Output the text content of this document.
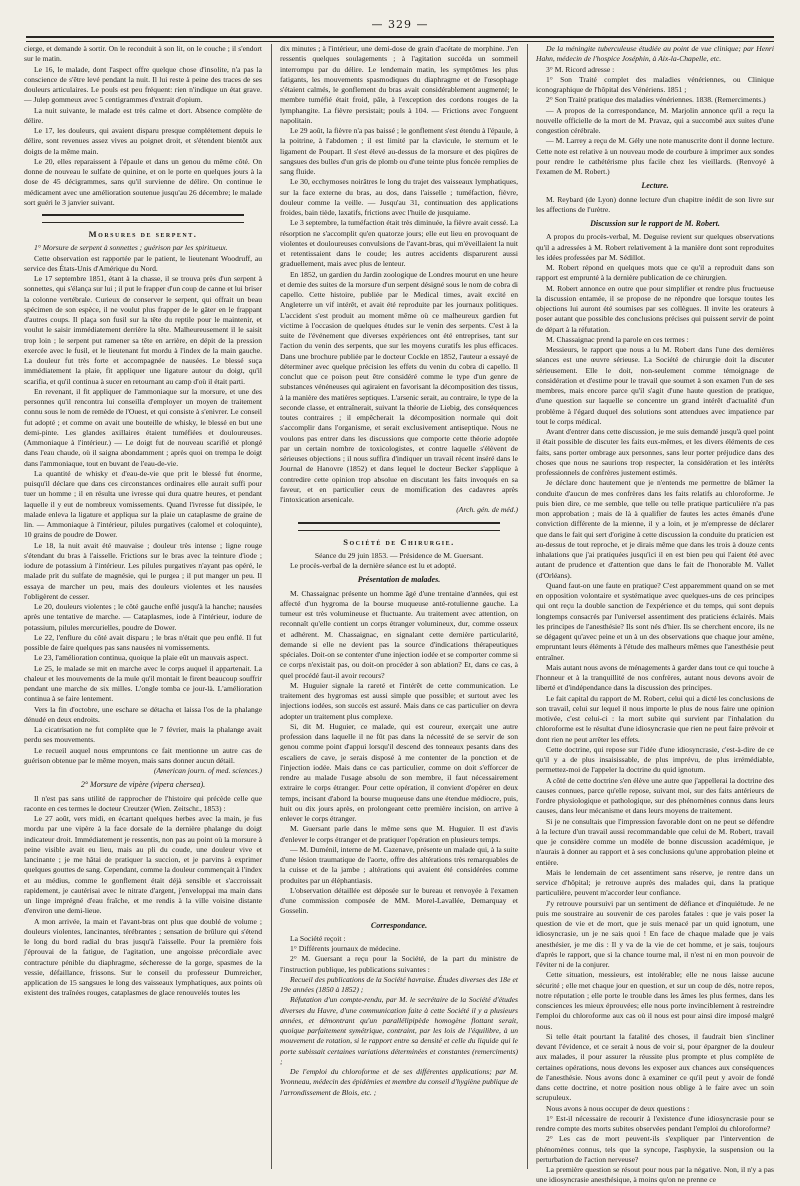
— 329 —

cierge, et demande à sortir. On le reconduit à son lit, on le couche ; il s'endort sur le matin.

Le 16, le malade, dont l'aspect offre quelque chose d'insolite, n'a pas la conscience de s'être levé pendant la nuit. Il lui reste à peine des traces de ses douleurs articulaires. Le pouls est peu fréquent: rien n'indique un état grave. — Julep gommeux avec 5 centigrammes d'extrait d'opium.

La nuit suivante, le malade est très calme et dort. Absence complète de délire.

Le 17, les douleurs, qui avaient disparu presque complétement depuis le délire, sont revenues assez vives au poignet droit, et s'étendent bientôt aux doigts de la même main.

Le 20, elles reparaissent à l'épaule et dans un genou du même côté. On donne de nouveau le sulfate de quinine, et on le porte en quelques jours à la dose de 45 décigrammes, sans qu'il survienne de délire. On continue le médicament avec une amélioration soutenue jusqu'au 26 décembre; le malade sort guéri le 3 janvier suivant.

Morsures de serpent.

1° Morsure de serpent à sonnettes ; guérison par les spiritueux.

Cette observation est rapportée par le patient, le lieutenant Woodruff, au service des États-Unis d'Amérique du Nord.

Le 17 septembre 1851, étant à la chasse, il se trouva près d'un serpent à sonnettes, qui s'élança sur lui ; il put le frapper d'un coup de canne et lui briser la colonne vertébrale. Curieux de conserver le serpent, qui offrait un beau spécimen de son espèce, il ne voulut plus frapper de le gâter en le frappant d'autres coups. Il plaça son fusil sur la tête du reptile pour le maintenir, et voulut le saisir immédiatement derrière la tête. Malheureusement il le saisit trop loin ; le serpent put ramener sa tête en arrière, en dépit de la pression exercée avec le fusil, et le lieutenant fut mordu à l'index de la main gauche. La douleur fut très forte et accompagnée de nausées. Le blessé suça immédiatement la plaie, fit appliquer une ligature autour du doigt, qu'il scarifia, et qu'il continua à sucer en retournant au camp d'où il était parti.

En revenant, il fit appliquer de l'ammoniaque sur la morsure, et une des personnes qu'il rencontra lui conseilla d'employer un moyen de traitement connu sous le nom de remède de l'Ouest, et qui consiste à s'enivrer. Le conseil fut adopté ; et comme on avait une bouteille de whisky, le blessé en but une demi-pinte. Les glandes axillaires étaient tuméfiées et douloureuses. (Ammoniaque à l'intérieur.) — Le doigt fut de nouveau scarifié et plongé dans l'eau chaude, où il saigna abondamment ; après quoi on trempa le doigt dans l'ammoniaque, tout en buvant de l'eau-de-vie.

La quantité de whisky et d'eau-de-vie que prit le blessé fut énorme, puisqu'il déclare que dans ces circonstances ordinaires elle aurait suffi pour tuer un homme ; il en résulta une ivresse qui dura quatre heures, et pendant laquelle il y eut de nombreux vomissements. Quand l'ivresse fut dissipée, le malade enleva la ligature et appliqua sur la plaie un cataplasme de graine de lin. — Ammoniaque à l'intérieur, pilules purgatives (calomel et coloquinte), 10 grains de poudre de Dower.

Le 18, la nuit avait été mauvaise ; douleur très intense ; ligne rouge s'étendant du bras à l'aisselle. Frictions sur le bras avec la teinture d'iode ; iodure de potassium à l'intérieur. Les pilules purgatives n'ayant pas opéré, le malade prit du sulfate de magnésie, qui le purgea ; il put manger un peu. Il essaya de marcher un peu, mais des douleurs violentes et les nausées l'obligèrent de cesser.

Le 20, douleurs violentes ; le côté gauche enflé jusqu'à la hanche; nausées après une tentative de marche. — Cataplasmes, iode à l'intérieur, iodure de potassium, pilules mercurielles, poudre de Dower.

Le 22, l'enflure du côté avait disparu ; le bras n'était que peu enflé. Il fut possible de faire quelques pas sans nausées ni vomissements.

Le 23, l'amélioration continua, quoique la plaie eût un mauvais aspect.

Le 25, le malade se mit en marche avec le corps auquel il appartenait. La chaleur et les mouvements de la mule qu'il montait le firent beaucoup souffrir pendant une marche de six milles. L'ongle tomba ce jour-là. L'amélioration continua à se faire lentement.

Vers la fin d'octobre, une eschare se détacha et laissa l'os de la phalange dénudé en deux endroits.

La cicatrisation ne fut complète que le 7 février, mais la phalange avait perdu ses mouvements.

Le recueil auquel nous empruntons ce fait mentionne un autre cas de guérison obtenue par le même moyen, mais sans donner aucun détail.

(American journ. of med. sciences.)
2° Morsure de vipère (vipera chersea).

Il n'est pas sans utilité de rapprocher de l'histoire qui précède celle que raconte en ces termes le docteur Creutzer (Wien. Zeitschr., 1853) :

Le 27 août, vers midi, en écartant quelques herbes avec la main, je fus mordu par une vipère à la face dorsale de la dernière phalange du doigt indicateur droit. Immédiatement je ressentis, non pas au point où la morsure à peine visible avait eu lieu, mais au pli du coude, une douleur vive et lancinante ; je me hâtai de pratiquer la succion, et je parvins à exprimer quelques gouttes de sang. Cependant, comme la douleur commençait à l'index et au médius, comme le gonflement était déjà sensible et s'accroissait rapidement, je cautérisai avec le nitrate d'argent, j'enveloppai ma main dans un linge imprégné d'eau fraîche, et me rendis à la ville voisine distante d'environ une demi-lieue.

A mon arrivée, la main et l'avant-bras ont plus que doublé de volume ; douleurs violentes, lancinantes, térébrantes ; sensation de brûlure qui s'étend le long du bord radial du bras jusqu'à l'aisselle. Pour la première fois j'éprouvai de la fatigue, de l'agitation, une angoisse précordiale avec contracture pénible du diaphragme, sécheresse de la gorge, spasmes de la vessie, défaillance, frissons. Sur le conseil du professeur Dumreicher, application de 15 sangsues le long des vaisseaux lymphatiques, aux points où existent des traînées rouges, cataplasmes de glace renouvelés toutes les

dix minutes ; à l'intérieur, une demi-dose de grain d'acétate de morphine. J'en ressentis quelques soulagements ; à l'agitation succéda un sommeil interrompu par du délire. Le lendemain matin, les symptômes les plus fatigants, les mouvements spasmodiques du diaphragme et de l'œsophage s'étaient calmés, le gonflement du bras avait considérablement augmenté; le membre tuméfié était froid, pâle, à l'exception des cordons rouges de la lymphangite. La fièvre persistait; pouls à 104. — Frictions avec l'onguent napolitain.

Le 29 août, la fièvre n'a pas baissé ; le gonflement s'est étendu à l'épaule, à la poitrine, à l'abdomen ; il est limité par la clavicule, le sternum et le ligament de Poupart. Il s'est élevé au-dessus de la morsure et des piqûres de sangsues des bulles d'un gris de plomb ou d'une teinte plus foncée remplies de sang fluide.

Le 30, ecchymoses noirâtres le long du trajet des vaisseaux lymphatiques, sur la face externe du bras, au dos, dans l'aisselle ; tuméfaction, fièvre, douleur comme la veille. — Jusqu'au 31, continuation des applications froides, bain tiède, laxatifs, frictions avec l'huile de jusquiame.

Le 3 septembre, la tuméfaction était très diminuée, la fièvre avait cessé. La résorption ne s'accomplit qu'en quatorze jours; elle eut lieu en provoquant de violentes et douloureuses convulsions de l'avant-bras, qui m'éveillaient la nuit et retentissaient dans le coude; les autres accidents disparurent aussi graduellement, mais avec plus de lenteur.

En 1852, un gardien du Jardin zoologique de Londres mourut en une heure et demie des suites de la morsure d'un serpent désigné sous le nom de cobra di capello. Cette histoire, publiée par le Medical times, avait excité en Angleterre un vif intérêt, et avait été reproduite par les journaux politiques. L'accident s'est produit au moment même où ce malheureux gardien fut victime à l'occasion de quelques études sur le venin des serpents. C'est à la suite de l'événement que diverses expériences ont été entreprises, tant sur l'action du venin des serpents, que sur les moyens curatifs les plus efficaces. Dans une brochure publiée par le docteur Cockle en 1852, l'auteur a essayé de déterminer avec quelque précision les effets du venin du cobra di capello. Il conclut que ce poison peut être considéré comme le type d'un genre de substances vénéneuses qui agiraient en favorisant la décomposition des tissus, à la manière des matières septiques. L'arsenic serait, au contraire, le type de la seconde classe, et entraînerait, suivant la théorie de Liebig, des conséquences toutes contraires ; il empêcherait la décomposition normale qui doit s'accomplir dans l'organisme, et serait exclusivement antiseptique. Nous ne voulons pas entrer dans les discussions que comporte cette théorie adoptée par un certain nombre de toxicologistes, et contre laquelle s'élèvent de sérieuses objections ; il nous suffira d'indiquer un travail récent inséré dans le Journal de Hanovre (1852) et dans lequel le docteur Becker s'applique à contredire cette opinion trop absolue en discutant les faits invoqués en sa faveur, et en particulier ceux de momification des cadavres après l'intoxication arsenicale.

(Arch. gén. de méd.)
Société de Chirurgie.
Séance du 29 juin 1853. — Présidence de M. Guersant.

Le procès-verbal de la dernière séance est lu et adopté.

Présentation de malades.

M. Chassaignac présente un homme âgé d'une trentaine d'années, qui est affecté d'un hygroma de la bourse muqueuse anté-rotulienne gauche. La tumeur est très volumineuse et fluctuante. Au traitement avec attention, on reconnaît qu'elle contient un corps étranger volumineux, dur, comme osseux et adhérent. M. Chassaignac, en signalant cette dernière particularité, demande si elle ne devient pas la source d'indications thérapeutiques spéciales. Doit-on se contenter d'une injection iodée et se comporter comme si ce corps n'existait pas, ou doit-on procéder à son ablation? Et, dans ce cas, à quel procédé faut-il avoir recours?

M. Huguier signale la rareté et l'intérêt de cette communication. Le traitement des hygromas est aussi simple que possible; et surtout avec les injections iodées, son succès est assuré. Mais dans ce cas particulier on devra adopter un traitement plus complexe.

Si, dit M. Huguier, ce malade, qui est coureur, exerçait une autre profession dans laquelle il ne fût pas dans la nécessité de se servir de son genou comme point d'appui lorsqu'il descend des tonneaux pesants dans des escaliers de cave, je serais disposé à me contenter de la ponction et de l'injection iodée. Mais dans ce cas particulier, comme on doit s'efforcer de rendre au malade l'usage absolu de son membre, il faut nécessairement extraire le corps étranger. Pour cette opération, il convient d'opérer en deux temps, incisant d'abord la bourse muqueuse dans une étendue médiocre, puis, huit ou dix jours après, en prolongeant cette première incision, on arrive à enlever le corps étranger.

M. Guersant parle dans le même sens que M. Huguier. Il est d'avis d'enlever le corps étranger et de pratiquer l'opération en plusieurs temps.

— M. Duménil, interne de M. Cazenave, présente un malade qui, à la suite d'une lésion traumatique de l'aorte, offre des altérations très remarquables de la cuisse et de la jambe ; altérations qui avaient été considérées comme produites par un éléphantiasis.

L'observation détaillée est déposée sur le bureau et renvoyée à l'examen d'une commission composée de MM. Morel-Lavallée, Demarquay et Gosselin.

Correspondance.

La Société reçoit :

1° Différents journaux de médecine.

2° M. Guersant a reçu pour la Société, de la part du ministre de l'instruction publique, les publications suivantes :

Recueil des publications de la Société havraise. Études diverses des 18e et 19e années (1850 à 1852) ;

Réfutation d'un compte-rendu, par M. le secrétaire de la Société d'études diverses du Havre, d'une communication faite à cette Société il y a plusieurs années, et démontrant qu'un parallélipipède homogène flottant serait, quoique parfaitement symétrique, contraint, par les lois de l'équilibre, à un mouvement de rotation, si le rapport entre sa densité et celle du liquide qui le porte subissait certaines variations déterminées et constantes (remerciments) ;

De l'emploi du chloroforme et de ses différentes applications; par M. Yvonneau, médecin des épidémies et membre du conseil d'hygiène publique de l'arrondissement de Blois, etc. ;

De la méningite tuberculeuse étudiée au point de vue clinique; par Henri Hahn, médecin de l'hospice Joséphin, à Aix-la-Chapelle, etc.

3° M. Ricord adresse :

1° Son Traité complet des maladies vénériennes, ou Clinique iconographique de l'hôpital des Vénériens. 1851 ;

2° Son Traité pratique des maladies vénériennes. 1838. (Remerciments.)

— A propos de la correspondance, M. Marjolin annonce qu'il a reçu la nouvelle officielle de la mort de M. Pravaz, qui a succombé aux suites d'une congestion cérébrale.

— M. Larrey a reçu de M. Gély une note manuscrite dont il donne lecture. Cette note est relative à un nouveau mode de courbure à imprimer aux sondes pour rendre le cathétérisme plus facile chez les vieillards. (Renvoyé à l'examen de M. Robert.)

Lecture.

M. Reybard (de Lyon) donne lecture d'un chapitre inédit de son livre sur les affections de l'urètre.

Discussion sur le rapport de M. Robert.

A propos du procès-verbal, M. Deguise revient sur quelques observations qu'il a adressées à M. Robert relativement à la manière dont sont reproduites les idées professées par M. Sédillot.

M. Robert répond en quelques mots que ce qu'il a reproduit dans son rapport est emprunté à la dernière publication de ce chirurgien.

M. Robert annonce en outre que pour simplifier et rendre plus fructueuse la discussion entamée, il se propose de ne répondre que lorsque toutes les objections lui auront été soumises par ses collègues. Il invite les orateurs à poser autant que possible des conclusions précises qui puissent servir de point de départ à la réfutation.

M. Chassaignac prend la parole en ces termes :

Messieurs, le rapport que nous a lu M. Robert dans l'une des dernières séances est une œuvre sérieuse. La Société de chirurgie doit la discuter sérieusement. Elle le doit, non-seulement comme témoignage de considération et d'estime pour le travail que soumet à son examen l'un de ses membres, mais encore parce qu'il s'agit d'une haute question de pratique, d'une question sur laquelle se concentre un grand intérêt d'actualité d'un problème à l'égard duquel des solutions sont attendues avec impatience par tout le corps médical.

Avant d'entrer dans cette discussion, je me suis demandé jusqu'à quel point il était possible de discuter les faits eux-mêmes, et les divers éléments de ces faits, sans porter ombrage aux personnes, sans leur porter préjudice dans des choses que nous ne saurions trop respecter, la considération et les intérêts professionnels de confrères justement estimés.

Je déclare donc hautement que je n'entends me permettre de blâmer la conduite d'aucun de mes confrères dans les faits relatifs au chloroforme. Je puis bien dire, ce me semble, que telle ou telle pratique particulière n'a pas mon approbation ; mais de là à qualifier de fautes les actes émanés d'une conviction différente de la mienne, il y a loin, et je m'empresse de déclarer que dans le fait qui sert d'origine à cette discussion la conduite du praticien est au-dessus de tout reproche, et je dirais même que dans les trois à douze cents inhalations que j'ai pratiquées jusqu'ici il en est bien peu qui l'aient été avec autant de prudence et d'attention que dans le fait de l'honorable M. Vallet (d'Orléans).

Quand faut-on une faute en pratique? C'est apparemment quand on se met en opposition volontaire et systématique avec quelques-uns de ces principes qui ont reçu la double sanction de l'expérience et du temps, qui sont depuis longtemps consacrés par l'universel assentiment des praticiens éclairés. Mais les principes de l'anesthésie? Ils sont nés d'hier. Ils se cherchent encore, ils ne se dégagent qu'avec peine et un à un des observations que chaque jour amène, empruntant leurs éléments à l'étude des malheurs mêmes que l'anesthésie peut entraîner.

Mais autant nous avons de ménagements à garder dans tout ce qui touche à l'honneur et à la tranquillité de nos confrères, autant nous devons avoir de liberté et d'indépendance dans la discussion des principes.

Le fait capital du rapport de M. Robert, celui qui a dicté les conclusions de son travail, celui sur lequel il nous importe le plus de nous faire une opinion motivée, c'est celui-ci : la mort subite qui survient par l'inhalation du chloroforme est le résultat d'une idiosyncrasie que rien ne peut faire prévoir et dont rien ne peut arrêter les effets.

Cette doctrine, qui repose sur l'idée d'une idiosyncrasie, c'est-à-dire de ce qu'il y a de plus insaisissable, de plus imprévu, de plus irrémédiable, permettez-moi de l'appeler la doctrine du quid ignotum.

A côté de cette doctrine s'en élève une autre que j'appellerai la doctrine des causes connues, parce qu'elle repose, suivant moi, sur des faits antérieurs de l'ordre physiologique et pathologique, sur des phénomènes connus dans leurs causes, dans leur mécanisme et dans leurs moyens de traitement.

Si je ne consultais que l'impression favorable dont on ne peut se défendre à la lecture d'un travail aussi recommandable que celui de M. Robert, travail que je considère comme un modèle de bonne discussion académique, je n'aurais à donner au rapport et à ses conclusions qu'une approbation pleine et entière.

Mais le lendemain de cet assentiment sans réserve, je rentre dans un service d'hôpital; je retrouve auprès des malades qui, dans la pratique particulière, peuvent m'accorder leur confiance.

J'y retrouve poursuivi par un sentiment de défiance et d'inquiétude. Je ne puis me soustraire au souvenir de ces paroles fatales : que je vais poser la question de vie et de mort, que je suis menacé par un quid ignotum, une idiosyncrasie, un je ne sais quoi ! En face de chaque malade que je vais anesthésier, je me dis : Il y va de la vie de cet homme, et je sais, toujours d'après le rapport, que si la chance tourne mal, il n'est ni en mon pouvoir de l'éviter ni de la conjurer.

Cette situation, messieurs, est intolérable; elle ne nous laisse aucune sécurité ; elle met chaque jour en question, et sur un coup de dés, notre repos, notre réputation ; elle porte le trouble dans les âmes les plus fermes, dans les consciences les mieux éprouvées; elle nous porte invinciblement à restreindre l'emploi du chloroforme aux cas où il nous est pour ainsi dire imposé malgré nous.

Si telle était pourtant la fatalité des choses, il faudrait bien s'incliner devant l'évidence, et ce serait à nous de voir si, pour épargner de la douleur aux malades, il pour assurer la réussite plus prompte et plus complète de certaines opérations, nous devons les exposer aux chances aux conséquences de l'anesthésie. Nous avons donc à examiner ce qu'il peut y avoir de fondé dans cette doctrine, et notre position nous oblige à le faire avec un soin scrupuleux.

Nous avons à nous occuper de deux questions :

1° Est-il nécessaire de recourir à l'existence d'une idiosyncrasie pour se rendre compte des morts subites observées pendant l'emploi du chloroforme?

2° Les cas de mort peuvent-ils s'expliquer par l'intervention de phénomènes connus, tels que la syncope, l'asphyxie, la suspension ou la perturbation de l'action nerveuse?

La première question se résout pour nous par la négative. Non, il n'y a pas une idiosyncrasie anesthésique, à moins qu'on ne prenne ce
